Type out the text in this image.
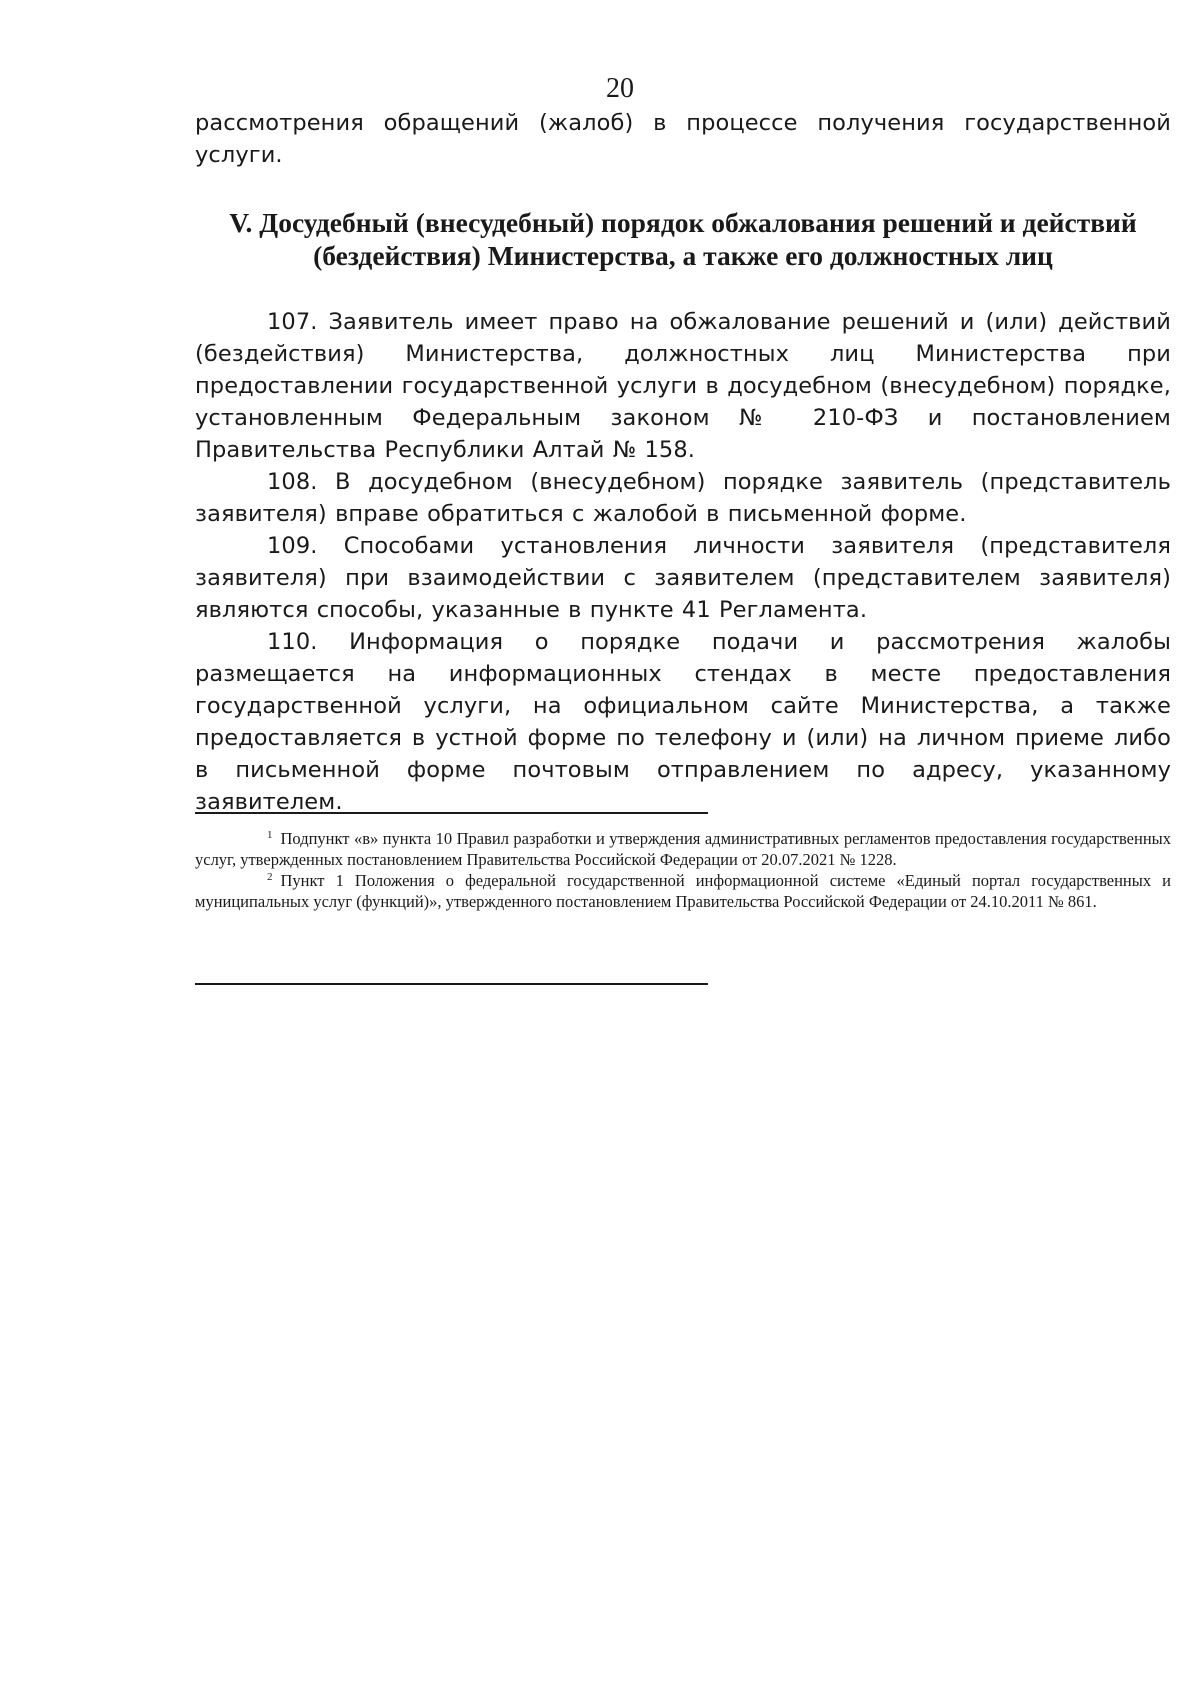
20

рассмотрения обращений (жалоб) в процессе получения государственной услуги.

V. Досудебный (внесудебный) порядок обжалования решений и действий
(бездействия) Министерства, а также его должностных лиц

107. Заявитель имеет право на обжалование решений и (или) действий (бездействия) Министерства, должностных лиц Министерства при предоставлении государственной услуги в досудебном (внесудебном) порядке, установленным Федеральным законом № 210-ФЗ и постановлением Правительства Республики Алтай № 158.

108. В досудебном (внесудебном) порядке заявитель (представитель заявителя) вправе обратиться с жалобой в письменной форме.

109. Способами установления личности заявителя (представителя заявителя) при взаимодействии с заявителем (представителем заявителя) являются способы, указанные в пункте 41 Регламента.

110. Информация о порядке подачи и рассмотрения жалобы размещается на информационных стендах в месте предоставления государственной услуги, на официальном сайте Министерства, а также предоставляется в устной форме по телефону и (или) на личном приеме либо в письменной форме почтовым отправлением по адресу, указанному заявителем.

$^1$ Подпункт «в» пункта 10 Правил разработки и утверждения административных регламентов предоставления государственных услуг, утвержденных постановлением Правительства Российской Федерации от 20.07.2021 № 1228.

$^2$ Пункт 1 Положения о федеральной государственной информационной системе «Единый портал государственных и муниципальных услуг (функций)», утвержденного постановлением Правительства Российской Федерации от 24.10.2011 № 861.
